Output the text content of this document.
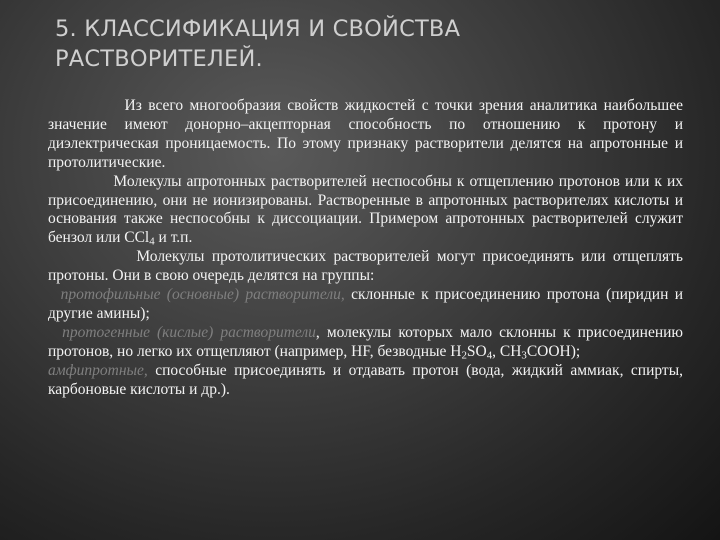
5. КЛАССИФИКАЦИЯ И СВОЙСТВА РАСТВОРИТЕЛЕЙ.

Из всего многообразия свойств жидкостей с точки зрения аналитика наибольшее значение имеют донорно–акцепторная способность по отношению к протону и диэлектрическая проницаемость. По этому признаку растворители делятся на апротонные и протолитические.

Молекулы апротонных растворителей неспособны к отщеплению протонов или к их присоединению, они не ионизированы. Растворенные в апротонных растворителях кислоты и основания также неспособны к диссоциации. Примером апротонных растворителей служит бензол или CCl$_4$ и т.п.

Молекулы протолитических растворителей могут присоединять или отщеплять протоны. Они в свою очередь делятся на группы:

протофильные (основные) растворители, склонные к присоединению протона (пиридин и другие амины);

протогенные (кислые) растворители, молекулы которых мало склонны к присоединению протонов, но легко их отщепляют (например, HF, безводные $H_2SO_4$, $CH_3COOH$);

амфипротные, способные присоединять и отдавать протон (вода, жидкий аммиак, спирты, карбоновые кислоты и др.).
